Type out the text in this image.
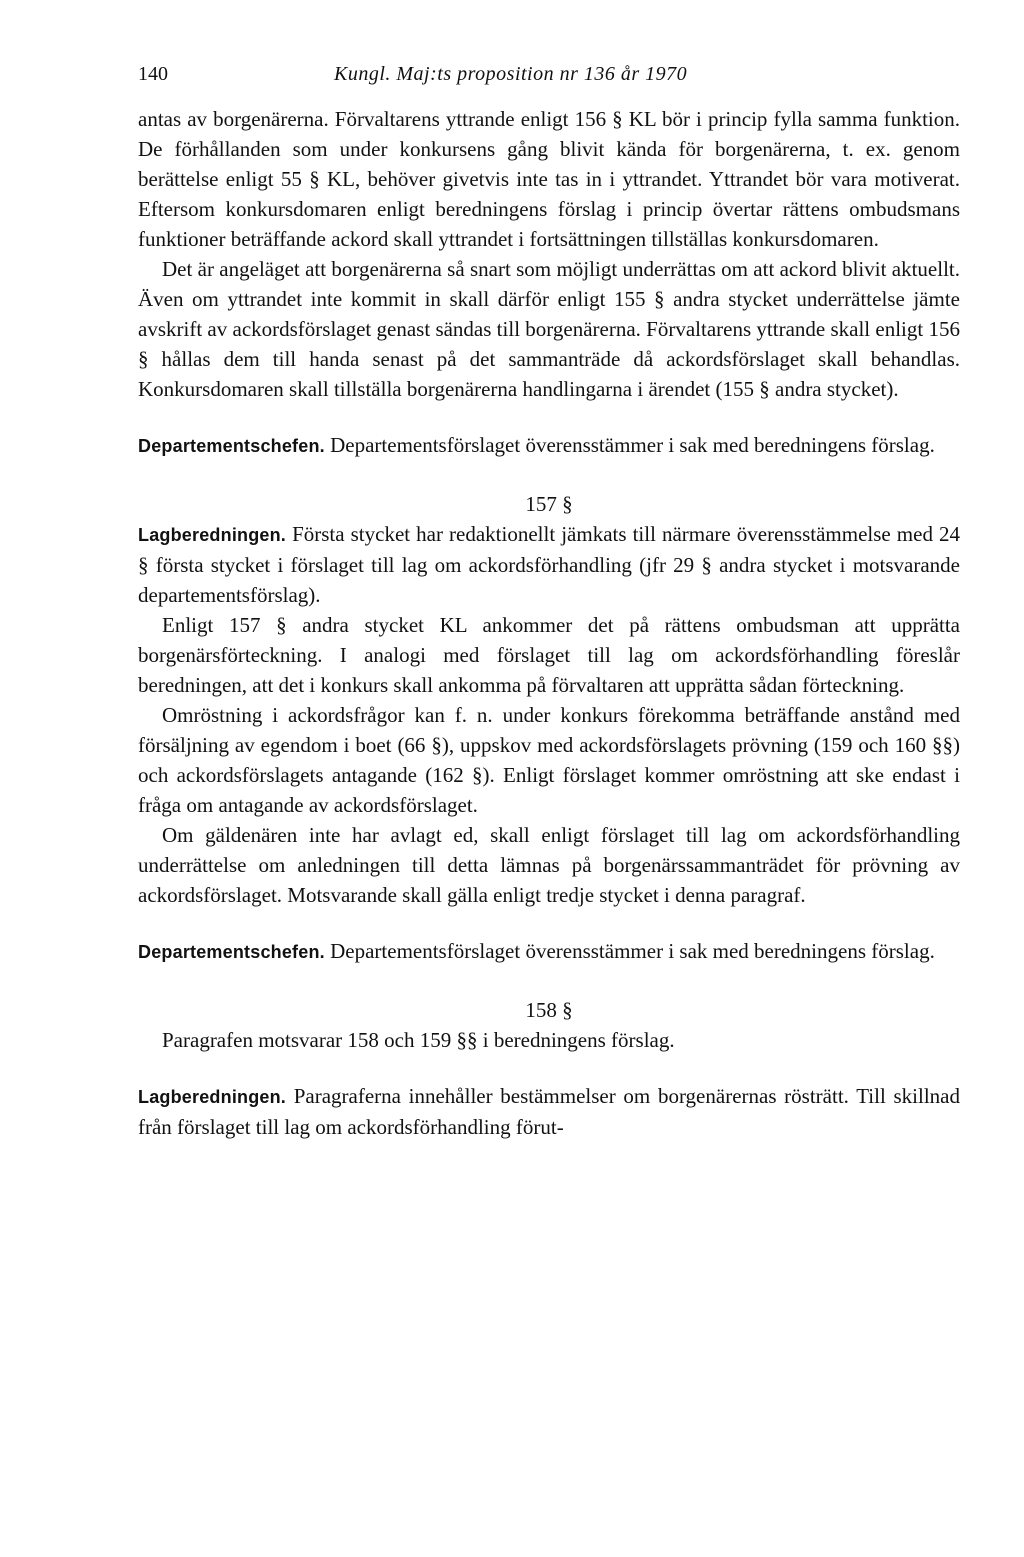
140	Kungl. Maj:ts proposition nr 136 år 1970

antas av borgenärerna. Förvaltarens yttrande enligt 156 § KL bör i princip fylla samma funktion. De förhållanden som under konkursens gång blivit kända för borgenärerna, t. ex. genom berättelse enligt 55 § KL, behöver givetvis inte tas in i yttrandet. Yttrandet bör vara motiverat. Eftersom konkursdomaren enligt beredningens förslag i princip övertar rättens ombudsmans funktioner beträffande ackord skall yttrandet i fortsättningen tillställas konkursdomaren.

Det är angeläget att borgenärerna så snart som möjligt underrättas om att ackord blivit aktuellt. Även om yttrandet inte kommit in skall därför enligt 155 § andra stycket underrättelse jämte avskrift av ackordsförslaget genast sändas till borgenärerna. Förvaltarens yttrande skall enligt 156 § hållas dem till handa senast på det sammanträde då ackordsförslaget skall behandlas. Konkursdomaren skall tillställa borgenärerna handlingarna i ärendet (155 § andra stycket).

Departementschefen. Departementsförslaget överensstämmer i sak med beredningens förslag.

157 §

Lagberedningen. Första stycket har redaktionellt jämkats till närmare överensstämmelse med 24 § första stycket i förslaget till lag om ackordsförhandling (jfr 29 § andra stycket i motsvarande departementsförslag).

Enligt 157 § andra stycket KL ankommer det på rättens ombudsman att upprätta borgenärsförteckning. I analogi med förslaget till lag om ackordsförhandling föreslår beredningen, att det i konkurs skall ankomma på förvaltaren att upprätta sådan förteckning.

Omröstning i ackordsfrågor kan f. n. under konkurs förekomma beträffande anstånd med försäljning av egendom i boet (66 §), uppskov med ackordsförslagets prövning (159 och 160 §§) och ackordsförslagets antagande (162 §). Enligt förslaget kommer omröstning att ske endast i fråga om antagande av ackordsförslaget.

Om gäldenären inte har avlagt ed, skall enligt förslaget till lag om ackordsförhandling underrättelse om anledningen till detta lämnas på borgenärssammanträdet för prövning av ackordsförslaget. Motsvarande skall gälla enligt tredje stycket i denna paragraf.

Departementschefen. Departementsförslaget överensstämmer i sak med beredningens förslag.

158 §

Paragrafen motsvarar 158 och 159 §§ i beredningens förslag.

Lagberedningen. Paragraferna innehåller bestämmelser om borgenärernas rösträtt. Till skillnad från förslaget till lag om ackordsförhandling förut-
